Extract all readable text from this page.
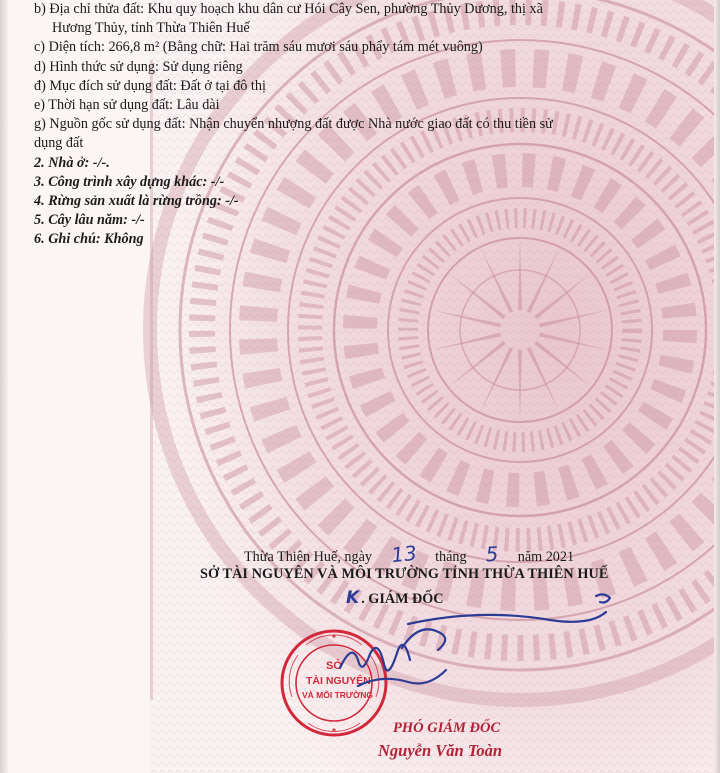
b) Địa chỉ thửa đất: Khu quy hoạch khu dân cư Hói Cây Sen, phường Thủy Dương, thị xã
Hương Thủy, tỉnh Thừa Thiên Huế
c) Diện tích: 266,8 m² (Bằng chữ: Hai trăm sáu mươi sáu phẩy tám mét vuông)
d) Hình thức sử dụng: Sử dụng riêng
đ) Mục đích sử dụng đất: Đất ở tại đô thị
e) Thời hạn sử dụng đất: Lâu dài
g) Nguồn gốc sử dụng đất: Nhận chuyển nhượng đất được Nhà nước giao đất có thu tiền sử
dụng đất
2. Nhà ở: -/-.
3. Công trình xây dựng khác: -/-
4. Rừng sản xuất là rừng trồng: -/-
5. Cây lâu năm: -/-
6. Ghi chú: Không
Thừa Thiên Huế, ngày 13 tháng 5 năm 2021
SỞ TÀI NGUYÊN VÀ MÔI TRƯỜNG TỈNH THỪA THIÊN HUẾ
K . GIÁM ĐỐC
SỞ
TÀI NGUYÊN
VÀ MÔI TRƯỜNG
PHÓ GIÁM ĐỐC
Nguyễn Văn Toàn
